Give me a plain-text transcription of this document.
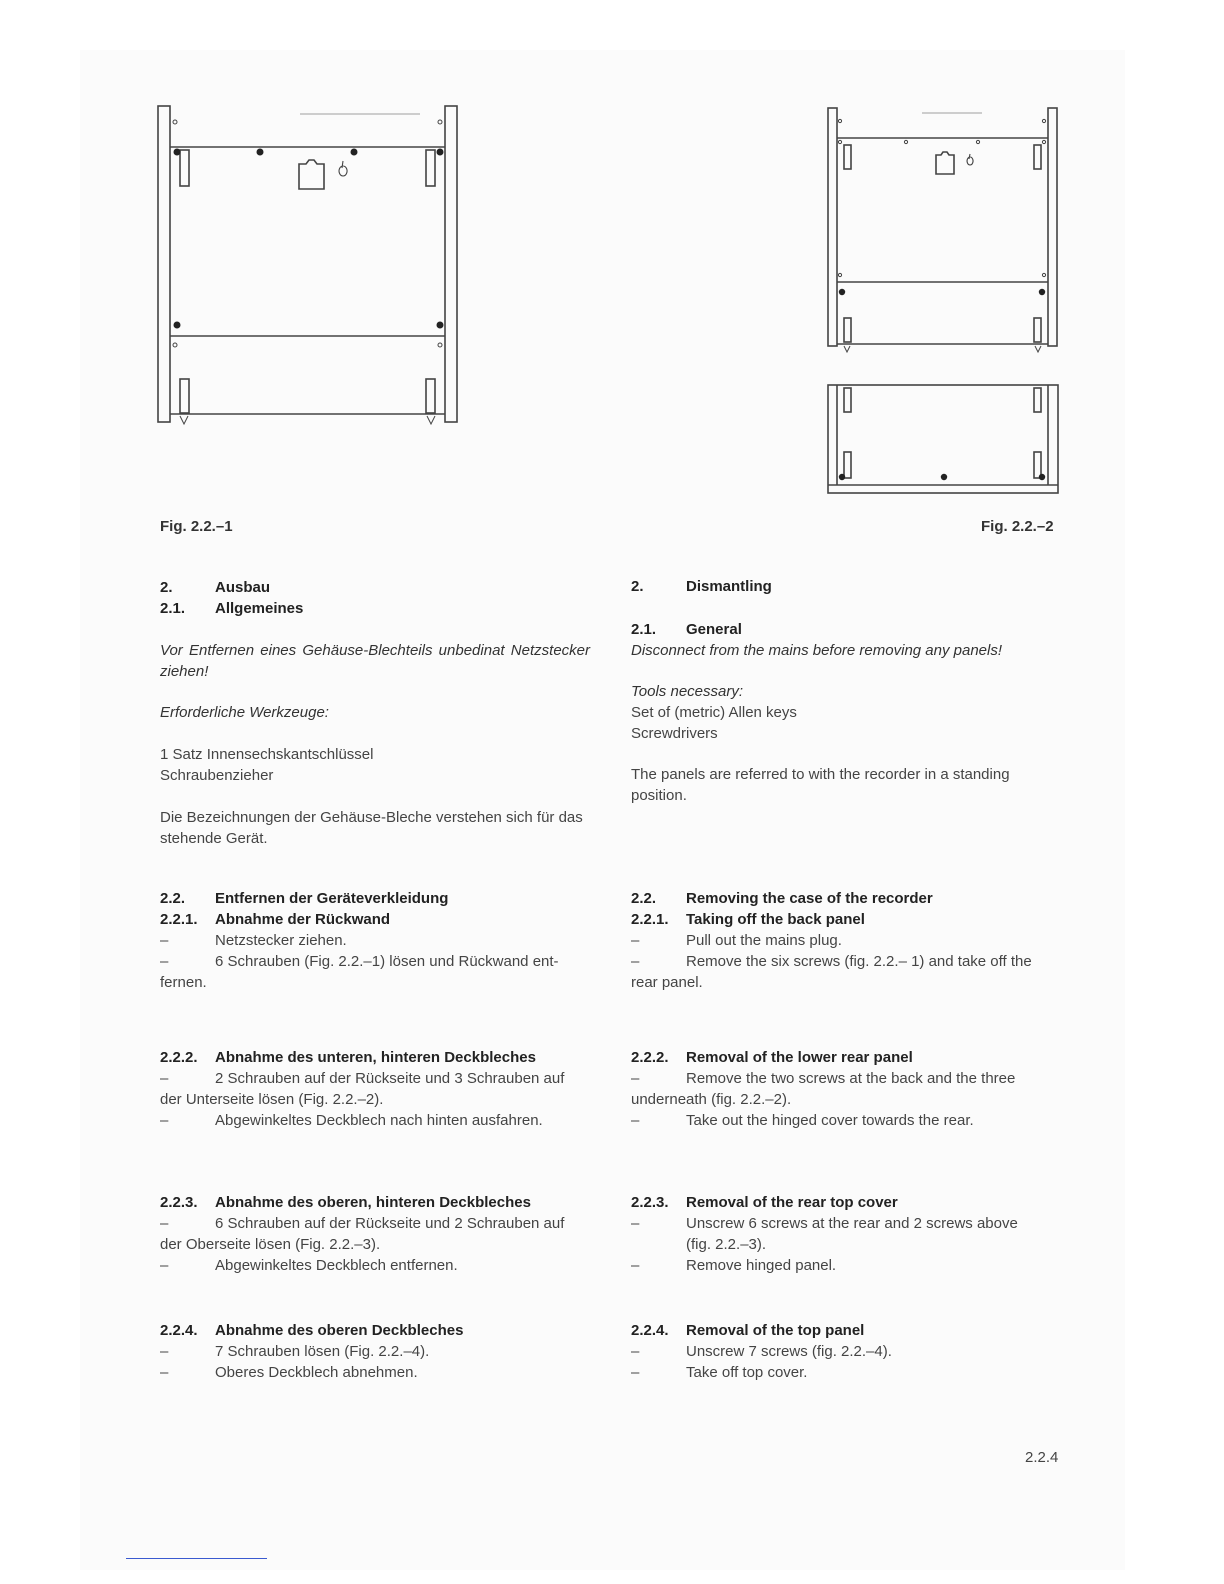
Fig. 2.2.–1	Fig. 2.2.–2
2.	Ausbau
2.1. Allgemeines
Vor Entfernen eines Gehäuse-Blechteils unbedinat Netzstecker ziehen!
Erforderliche Werkzeuge:
1 Satz Innensechskantschlüssel
Schraubenzieher
Die Bezeichnungen der Gehäuse-Bleche verstehen sich für das stehende Gerät.
2.2. Entfernen der Geräteverkleidung
2.2.1. Abnahme der Rückwand
–	Netzstecker ziehen.
–	6 Schrauben (Fig. 2.2.–1) lösen und Rückwand ent-
fernen.
2.2.2. Abnahme des unteren, hinteren Deckbleches
–	2 Schrauben auf der Rückseite und 3 Schrauben auf
der Unterseite lösen (Fig. 2.2.–2).
–	Abgewinkeltes Deckblech nach hinten ausfahren.
2.2.3. Abnahme des oberen, hinteren Deckbleches
–	6 Schrauben auf der Rückseite und 2 Schrauben auf
der Oberseite lösen (Fig. 2.2.–3).
–	Abgewinkeltes Deckblech entfernen.
2.2.4. Abnahme des oberen Deckbleches
–	7 Schrauben lösen (Fig. 2.2.–4).
–	Oberes Deckblech abnehmen.
2.	Dismantling
2.1. General
Disconnect from the mains before removing any panels!
Tools necessary:
Set of (metric) Allen keys
Screwdrivers
The panels are referred to with the recorder in a standing position.
2.2. Removing the case of the recorder
2.2.1. Taking off the back panel
–	Pull out the mains plug.
–	Remove the six screws (fig. 2.2.– 1) and take off the
rear panel.
2.2.2. Removal of the lower rear panel
–	Remove the two screws at the back and the three
underneath (fig. 2.2.–2).
–	Take out the hinged cover towards the rear.
2.2.3. Removal of the rear top cover
–	Unscrew 6 screws at the rear and 2 screws above
(fig. 2.2.–3).
–	Remove hinged panel.
2.2.4. Removal of the top panel
–	Unscrew 7 screws (fig. 2.2.–4).
–	Take off top cover.
2.2.4
